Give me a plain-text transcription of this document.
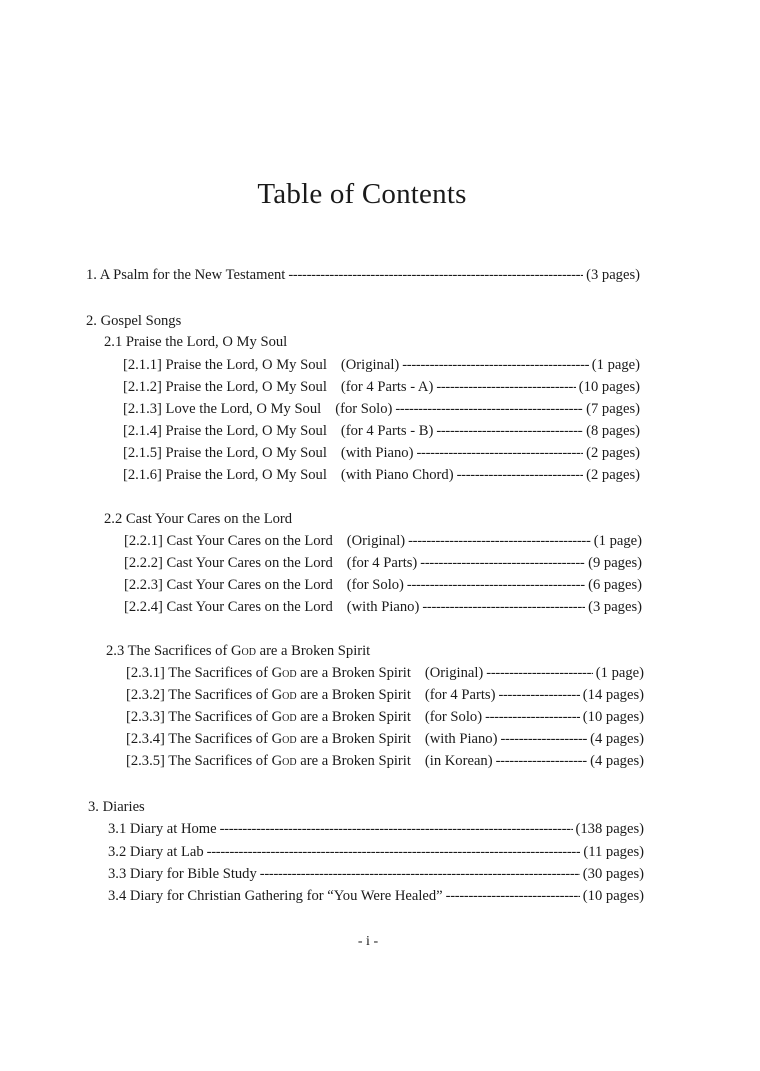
Table of Contents
1. A Psalm for the New Testament -----	(3 pages)
2. Gospel Songs
2.1 Praise the Lord, O My Soul
[2.1.1] Praise the Lord, O My Soul (Original) -----	(1 page)
[2.1.2] Praise the Lord, O My Soul (for 4 Parts - A) -----	(10 pages)
[2.1.3] Love the Lord, O My Soul (for Solo) -----	(7 pages)
[2.1.4] Praise the Lord, O My Soul (for 4 Parts - B) -----	(8 pages)
[2.1.5] Praise the Lord, O My Soul (with Piano) -----	(2 pages)
[2.1.6] Praise the Lord, O My Soul (with Piano Chord) -----	(2 pages)
2.2 Cast Your Cares on the Lord
[2.2.1] Cast Your Cares on the Lord (Original) -----	(1 page)
[2.2.2] Cast Your Cares on the Lord (for 4 Parts) -----	(9 pages)
[2.2.3] Cast Your Cares on the Lord (for Solo) -----	(6 pages)
[2.2.4] Cast Your Cares on the Lord (with Piano) -----	(3 pages)
2.3 The Sacrifices of God are a Broken Spirit
[2.3.1] The Sacrifices of God are a Broken Spirit (Original) -----	(1 page)
[2.3.2] The Sacrifices of God are a Broken Spirit (for 4 Parts) -----	(14 pages)
[2.3.3] The Sacrifices of God are a Broken Spirit (for Solo) -----	(10 pages)
[2.3.4] The Sacrifices of God are a Broken Spirit (with Piano) -----	(4 pages)
[2.3.5] The Sacrifices of God are a Broken Spirit (in Korean) -----	(4 pages)
3. Diaries
3.1 Diary at Home -----	(138 pages)
3.2 Diary at Lab -----	(11 pages)
3.3 Diary for Bible Study -----	(30 pages)
3.4 Diary for Christian Gathering for “You Were Healed” -----	(10 pages)
- i -
